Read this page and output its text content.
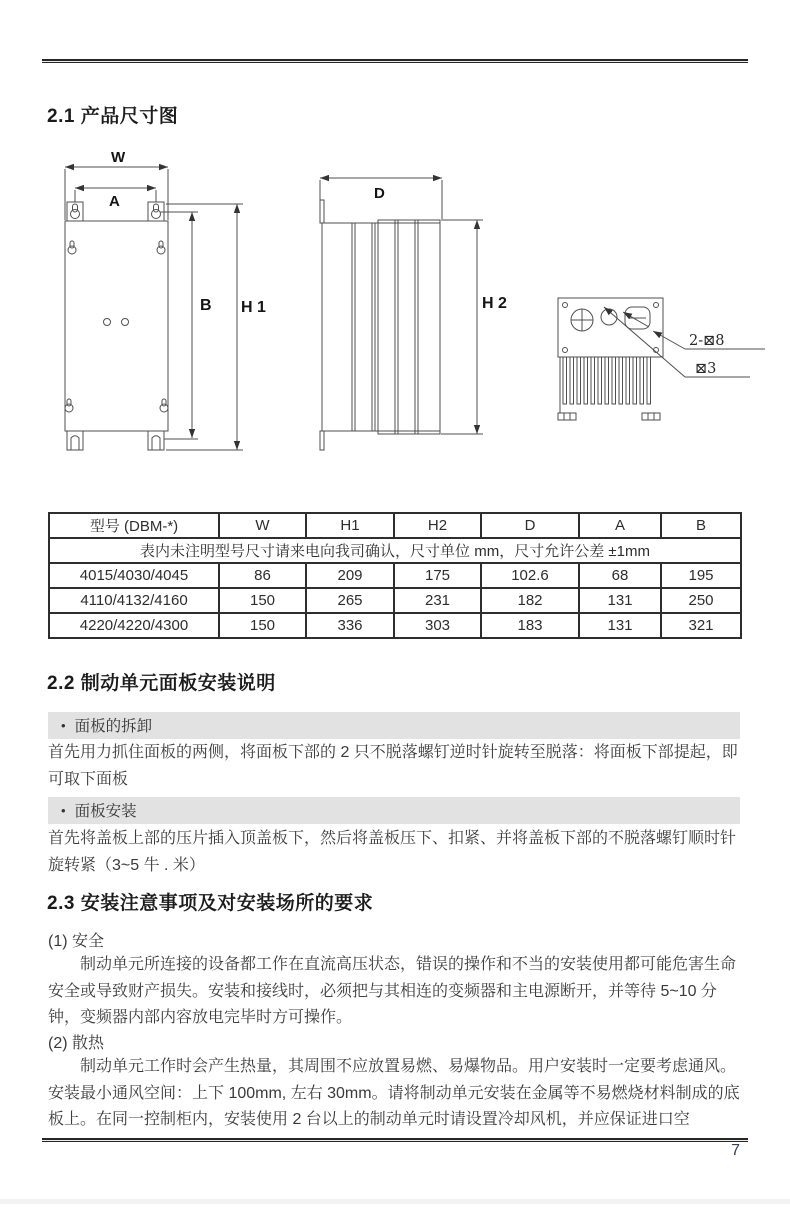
2.1 产品尺寸图
W
A
B H 1
D
H 2
2-⊠8
⊠3
型号 (DBM-*)	W	H1	H2	D	A	B
表内未注明型号尺寸请来电向我司确认，尺寸单位 mm，尺寸允许公差 ±1mm						
4015/4030/4045	86	209	175	102.6	68	195
4110/4132/4160	150	265	231	182	131	250
4220/4220/4300	150	336	303	183	131	321
2.2 制动单元面板安装说明
• 面板的拆卸

首先用力抓住面板的两侧，将面板下部的 2 只不脱落螺钉逆时针旋转至脱落：将面板下部提起，即可取下面板

• 面板安装

首先将盖板上部的压片插入顶盖板下，然后将盖板压下、扣紧、并将盖板下部的不脱落螺钉顺时针旋转紧（3~5 牛 . 米）

2.3 安装注意事项及对安装场所的要求

(1) 安全

制动单元所连接的设备都工作在直流高压状态，错误的操作和不当的安装使用都可能危害生命安全或导致财产损失。安装和接线时，必须把与其相连的变频器和主电源断开，并等待 5~10 分钟，变频器内部内容放电完毕时方可操作。

(2) 散热

制动单元工作时会产生热量，其周围不应放置易燃、易爆物品。用户安装时一定要考虑通风。安装最小通风空间：上下 100mm, 左右 30mm。请将制动单元安装在金属等不易燃烧材料制成的底板上。在同一控制柜内，安装使用 2 台以上的制动单元时请设置冷却风机，并应保证进口空

7
